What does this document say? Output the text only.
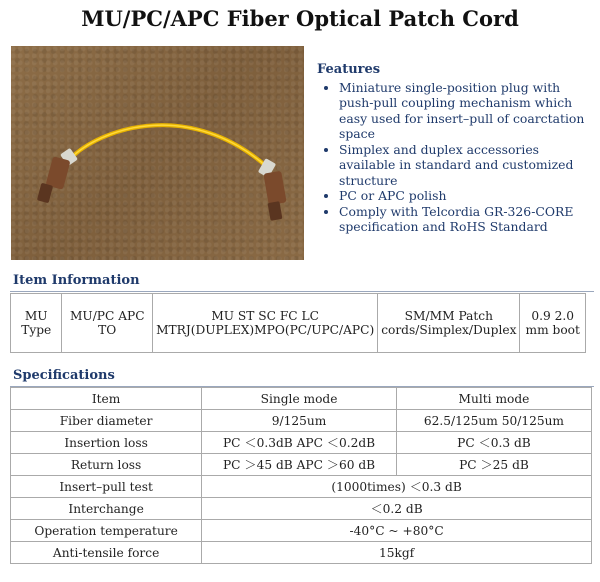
MU/PC/APC Fiber Optical Patch Cord
Features
• Miniature single-position plug with push-pull coupling mechanism which easy used for insert–pull of coarctation space
• Simplex and duplex accessories available in standard and customized structure
• PC or APC polish
• Comply with Telcordia GR-326-CORE specification and RoHS Standard
Item Information
MU Type	MU/PC APC TO	MU ST SC FC LC MTRJ(DUPLEX)MPO(PC/UPC/APC)	SM/MM Patch cords/Simplex/Duplex	0.9 2.0 mm boot
Specifications
Item	Single mode	Multi mode
Fiber diameter	9/125um	62.5/125um 50/125um
Insertion loss	PC ＜0.3dB APC ＜0.2dB	PC ＜0.3 dB
Return loss	PC ＞45 dB APC ＞60 dB	PC ＞25 dB
Insert–pull test	(1000times) ＜0.3 dB	
Interchange	＜0.2 dB	
Operation temperature	-40°C ~ +80°C	
Anti-tensile force	15kgf	
